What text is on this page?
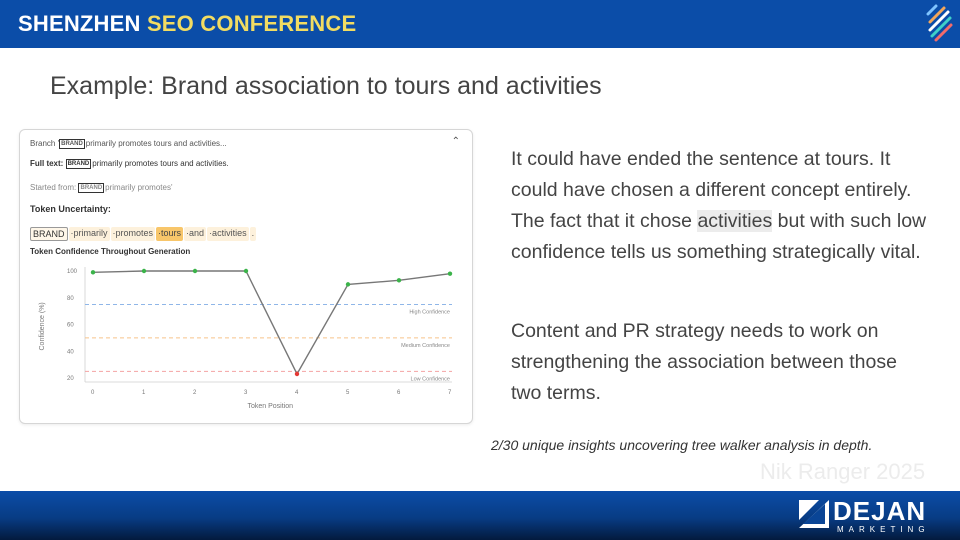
SHENZHEN SEO CONFERENCE
Example: Brand association to tours and activities
Branch ' BRAND primarily promotes tours and activities...	⌃
Full text: BRAND primarily promotes tours and activities.
Started from: BRAND primarily promotes'
Token Uncertainty:
BRAND ·primarily ·promotes ·tours ·and ·activities .
Token Confidence Throughout Generation
20
40
60
80
100
0	1	2	3	4	5	6	7
Token Position
Confidence (%)	High Confidence
Medium Confidence
Low Confidence
It could have ended the sentence at tours. It could have chosen a different concept entirely. The fact that it chose activities but with such low confidence tells us something strategically vital.
Content and PR strategy needs to work on strengthening the association between those two terms.
2/30 unique insights uncovering tree walker analysis in depth.
Nik Ranger 2025
DEJAN
MARKETING
